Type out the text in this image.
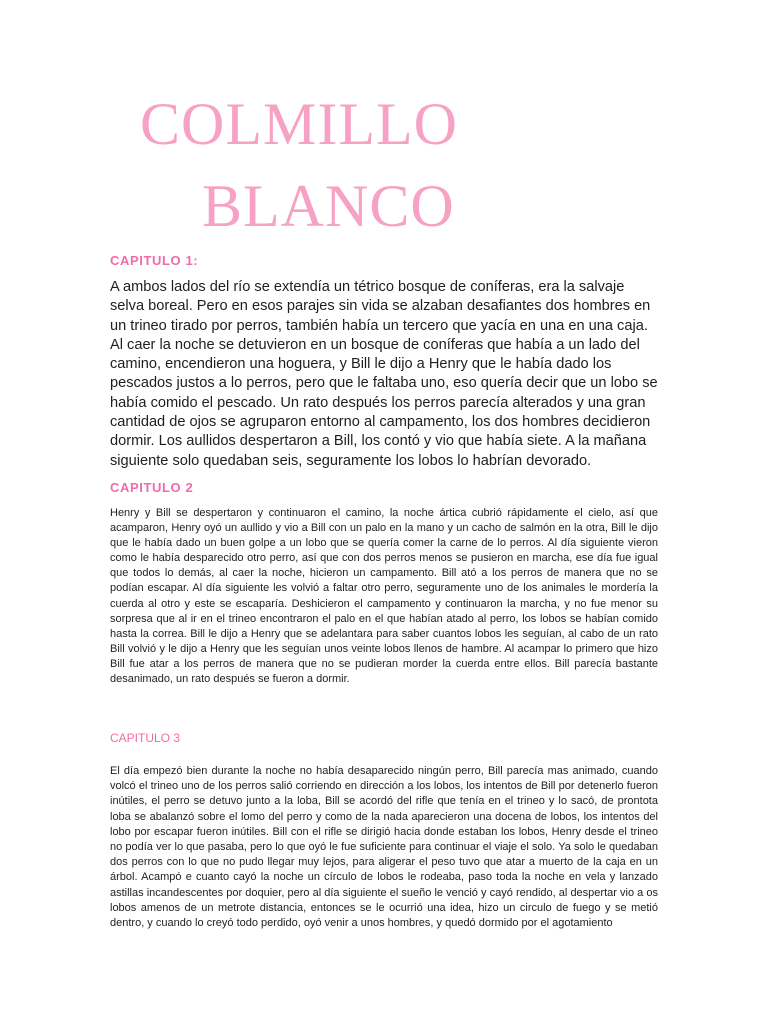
COLMILLO
BLANCO
CAPITULO 1:

A ambos lados del río se extendía un tétrico bosque de coníferas, era la salvaje selva boreal. Pero en esos parajes sin vida se alzaban desafiantes dos hombres en un trineo tirado por perros, también había un tercero que yacía en una en una caja. Al caer la noche se detuvieron en un bosque de coníferas que había a un lado del camino, encendieron una hoguera, y Bill le dijo a Henry que le había dado los pescados justos a lo perros, pero que le faltaba uno, eso quería decir que un lobo se había comido el pescado. Un rato después los perros parecía alterados y una gran cantidad de ojos se agruparon entorno al campamento, los dos hombres decidieron dormir. Los aullidos despertaron a Bill, los contó y vio que había siete. A la mañana siguiente solo quedaban seis, seguramente los lobos lo habrían devorado.

CAPITULO 2

Henry y Bill se despertaron y continuaron el camino, la noche ártica cubrió rápidamente el cielo, así que acamparon, Henry oyó un aullido y vio a Bill con un palo en la mano y un cacho de salmón en la otra, Bill le dijo que le había dado un buen golpe a un lobo que se quería comer la carne de lo perros. Al día siguiente vieron como le había desparecido otro perro, así que con dos perros menos se pusieron en marcha, ese día fue igual que todos lo demás, al caer la noche, hicieron un campamento. Bill ató a los perros de manera que no se podían escapar. Al día siguiente les volvió a faltar otro perro, seguramente uno de los animales le mordería la cuerda al otro y este se escaparía. Deshicieron el campamento y continuaron la marcha, y no fue menor su sorpresa que al ir en el trineo encontraron el palo en el que habían atado al perro, los lobos se habían comido hasta la correa. Bill le dijo a Henry que se adelantara para saber cuantos lobos les seguían, al cabo de un rato Bill volvió y le dijo a Henry que les seguían unos veinte lobos llenos de hambre. Al acampar lo primero que hizo Bill fue atar a los perros de manera que no se pudieran morder la cuerda entre ellos. Bill parecía bastante desanimado, un rato después se fueron a dormir.

CAPITULO 3

El día empezó bien durante la noche no había desaparecido ningún perro, Bill parecía mas animado, cuando volcó el trineo uno de los perros salió corriendo en dirección a los lobos, los intentos de Bill por detenerlo fueron inútiles, el perro se detuvo junto a la loba, Bill se acordó del rifle que tenía en el trineo y lo sacó, de prontota loba se abalanzó sobre el lomo del perro y como de la nada aparecieron una docena de lobos, los intentos del lobo por escapar fueron inútiles. Bill con el rifle se dirigió hacia donde estaban los lobos, Henry desde el trineo no podía ver lo que pasaba, pero lo que oyó le fue suficiente para continuar el viaje el solo. Ya solo le quedaban dos perros con lo que no pudo llegar muy lejos, para aligerar el peso tuvo que atar a muerto de la caja en un árbol. Acampó e cuanto cayó la noche un círculo de lobos le rodeaba, paso toda la noche en vela y lanzado astillas incandescentes por doquier, pero al día siguiente el sueño le venció y cayó rendido, al despertar vio a os lobos amenos de un metrote distancia, entonces se le ocurrió una idea, hizo un circulo de fuego y se metió dentro, y cuando lo creyó todo perdido, oyó venir a unos hombres, y quedó dormido por el agotamiento
